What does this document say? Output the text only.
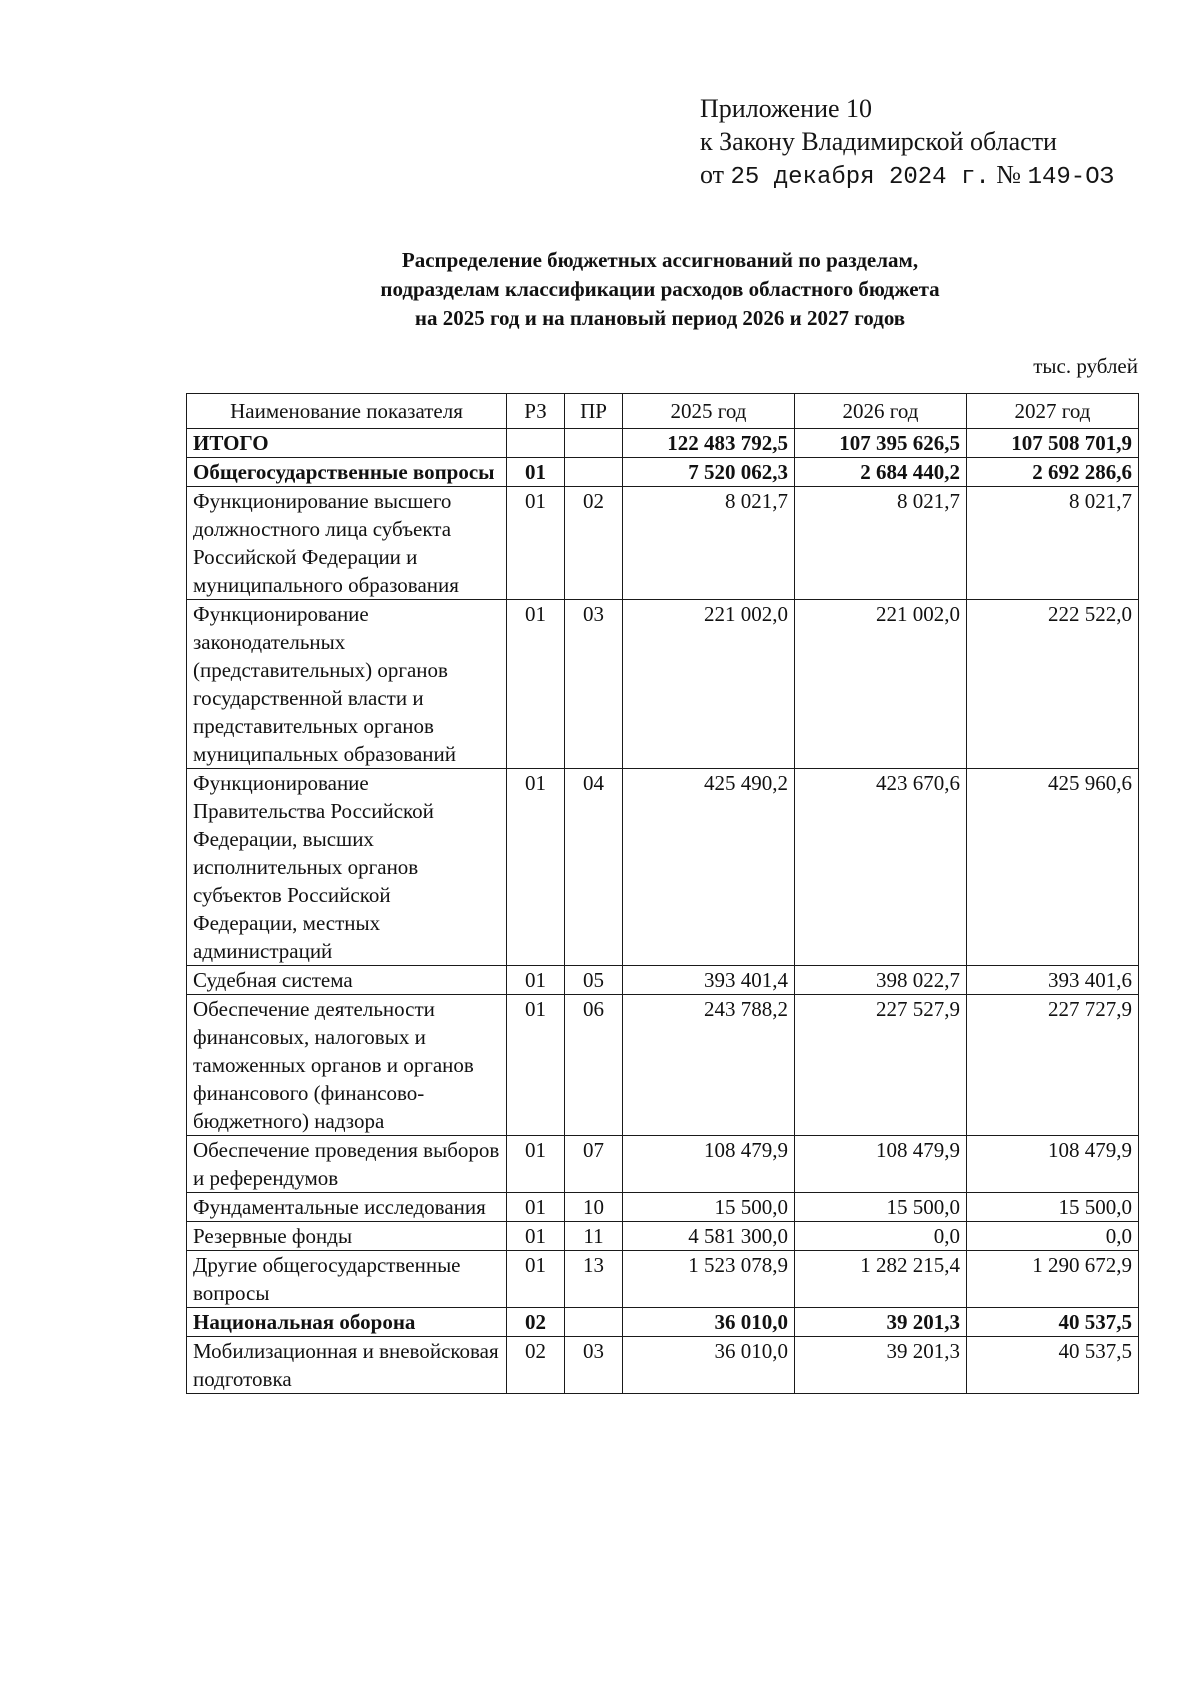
Приложение 10
к Закону Владимирской области
от 25 декабря 2024 г. № 149-ОЗ
Распределение бюджетных ассигнований по разделам,
подразделам классификации расходов областного бюджета
на 2025 год и на плановый период 2026 и 2027 годов
тыс. рублей
Наименование показателя	РЗ	ПР	2025 год	2026 год	2027 год
ИТОГО			122 483 792,5	107 395 626,5	107 508 701,9
Общегосударственные вопросы	01		7 520 062,3	2 684 440,2	2 692 286,6
Функционирование высшего должностного лица субъекта Российской Федерации и муниципального образования	01	02	8 021,7	8 021,7	8 021,7
Функционирование законодательных (представительных) органов государственной власти и представительных органов муниципальных образований	01	03	221 002,0	221 002,0	222 522,0
Функционирование Правительства Российской Федерации, высших исполнительных органов субъектов Российской Федерации, местных администраций	01	04	425 490,2	423 670,6	425 960,6
Судебная система	01	05	393 401,4	398 022,7	393 401,6
Обеспечение деятельности финансовых, налоговых и таможенных органов и органов финансового (финансово-бюджетного) надзора	01	06	243 788,2	227 527,9	227 727,9
Обеспечение проведения выборов и референдумов	01	07	108 479,9	108 479,9	108 479,9
Фундаментальные исследования	01	10	15 500,0	15 500,0	15 500,0
Резервные фонды	01	11	4 581 300,0	0,0	0,0
Другие общегосударственные вопросы	01	13	1 523 078,9	1 282 215,4	1 290 672,9
Национальная оборона	02		36 010,0	39 201,3	40 537,5
Мобилизационная и вневойсковая подготовка	02	03	36 010,0	39 201,3	40 537,5
